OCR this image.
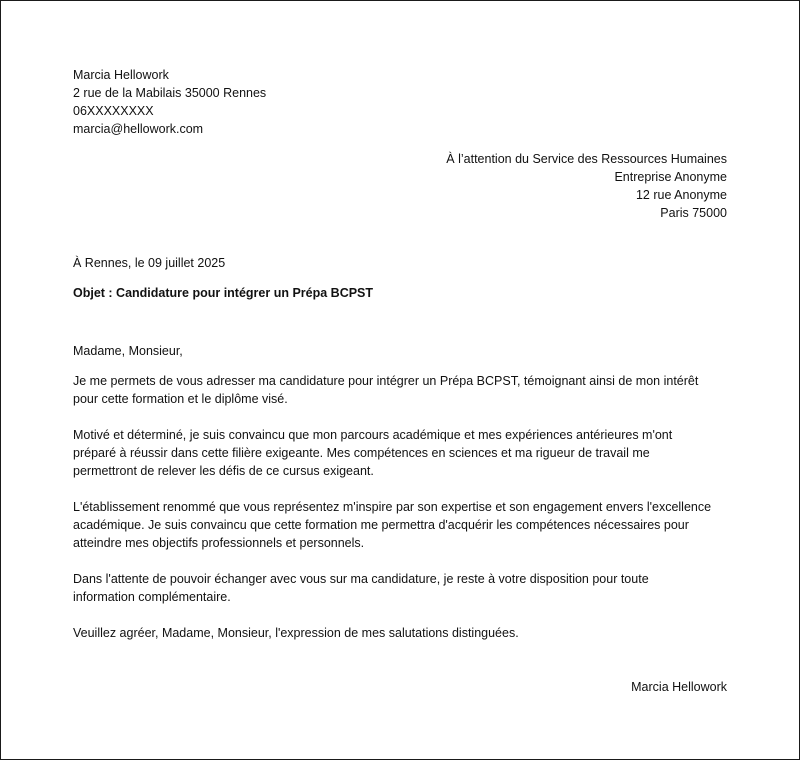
Marcia Hellowork
2 rue de la Mabilais 35000 Rennes
06XXXXXXXX
marcia@hellowork.com
À l’attention du Service des Ressources Humaines
Entreprise Anonyme
12 rue Anonyme
Paris 75000
À Rennes, le 09 juillet 2025
Objet : Candidature pour intégrer un Prépa BCPST
Madame, Monsieur,

Je me permets de vous adresser ma candidature pour intégrer un Prépa BCPST, témoignant ainsi de mon intérêt
pour cette formation et le diplôme visé.

Motivé et déterminé, je suis convaincu que mon parcours académique et mes expériences antérieures m'ont
préparé à réussir dans cette filière exigeante. Mes compétences en sciences et ma rigueur de travail me
permettront de relever les défis de ce cursus exigeant.

L'établissement renommé que vous représentez m'inspire par son expertise et son engagement envers l'excellence
académique. Je suis convaincu que cette formation me permettra d'acquérir les compétences nécessaires pour
atteindre mes objectifs professionnels et personnels.

Dans l'attente de pouvoir échanger avec vous sur ma candidature, je reste à votre disposition pour toute
information complémentaire.

Veuillez agréer, Madame, Monsieur, l'expression de mes salutations distinguées.

Marcia Hellowork
